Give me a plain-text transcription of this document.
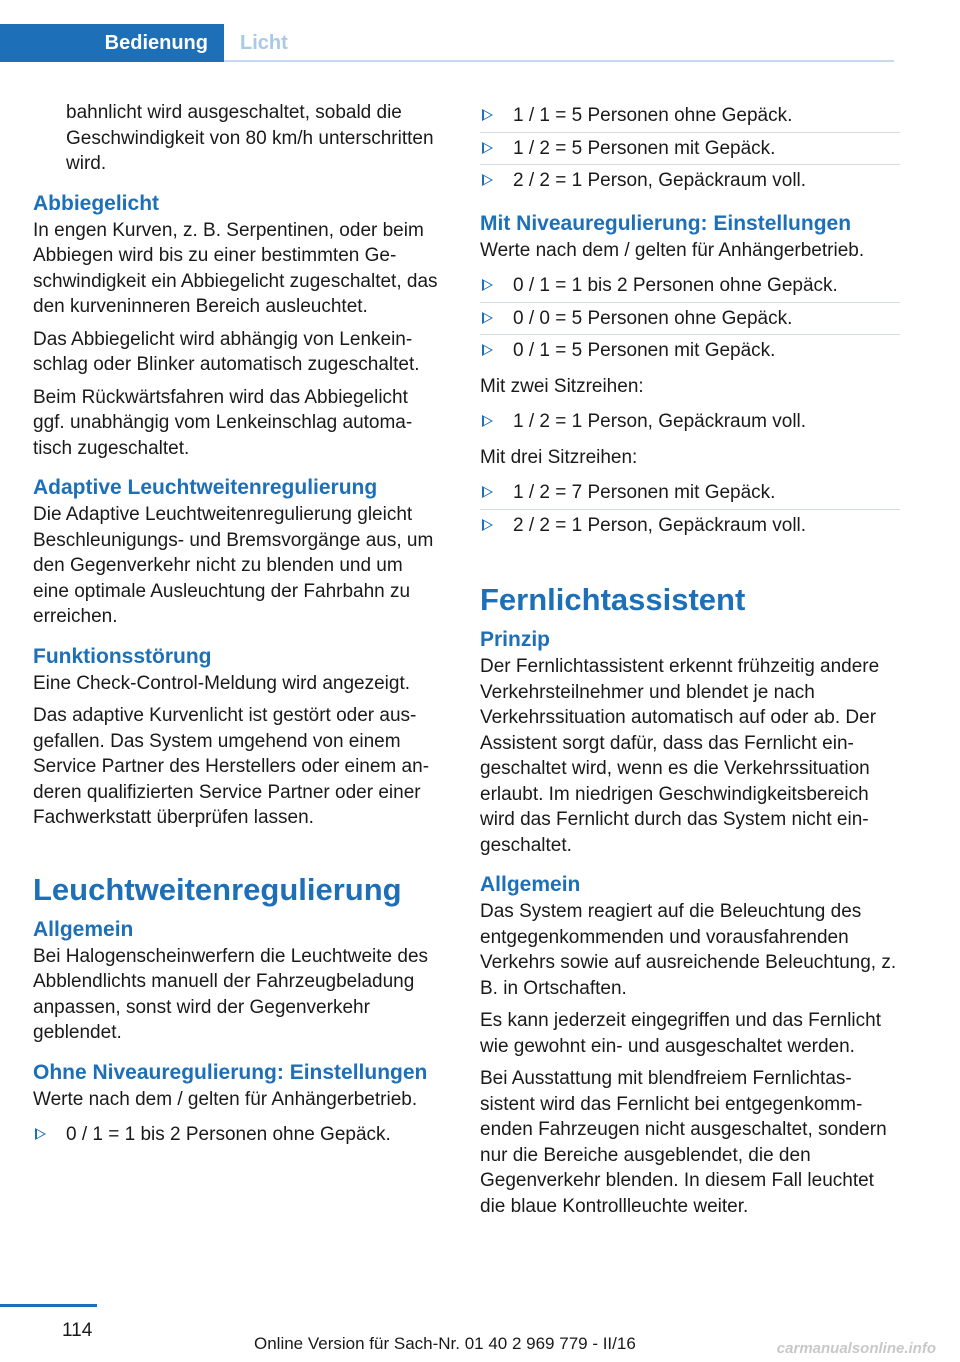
Bedienung	Licht

bahnlicht wird ausgeschaltet, sobald die Geschwindigkeit von 80 km/h unterschritten wird.

Abbiegelicht

In engen Kurven, z. B. Serpentinen, oder beim Abbiegen wird bis zu einer bestimmten Geschwindigkeit ein Abbiegelicht zugeschaltet, das den kurveninneren Bereich ausleuchtet.

Das Abbiegelicht wird abhängig von Lenkeinschlag oder Blinker automatisch zugeschaltet.

Beim Rückwärtsfahren wird das Abbiegelicht ggf. unabhängig vom Lenkeinschlag automatisch zugeschaltet.

Adaptive Leuchtweitenregulierung

Die Adaptive Leuchtweitenregulierung gleicht Beschleunigungs- und Bremsvorgänge aus, um den Gegenverkehr nicht zu blenden und um eine optimale Ausleuchtung der Fahrbahn zu erreichen.

Funktionsstörung

Eine Check-Control-Meldung wird angezeigt.

Das adaptive Kurvenlicht ist gestört oder ausgefallen. Das System umgehend von einem Service Partner des Herstellers oder einem anderen qualifizierten Service Partner oder einer Fachwerkstatt überprüfen lassen.

Leuchtweitenregulierung
Allgemein

Bei Halogenscheinwerfern die Leuchtweite des Abblendlichts manuell der Fahrzeugbeladung anpassen, sonst wird der Gegenverkehr geblendet.

Ohne Niveauregulierung: Einstellungen

Werte nach dem / gelten für Anhängerbetrieb.

0 / 1 = 1 bis 2 Personen ohne Gepäck.
1 / 1 = 5 Personen ohne Gepäck.
1 / 2 = 5 Personen mit Gepäck.
2 / 2 = 1 Person, Gepäckraum voll.
Mit Niveauregulierung: Einstellungen

Werte nach dem / gelten für Anhängerbetrieb.

0 / 1 = 1 bis 2 Personen ohne Gepäck.
0 / 0 = 5 Personen ohne Gepäck.
0 / 1 = 5 Personen mit Gepäck.

Mit zwei Sitzreihen:

1 / 2 = 1 Person, Gepäckraum voll.

Mit drei Sitzreihen:

1 / 2 = 7 Personen mit Gepäck.
2 / 2 = 1 Person, Gepäckraum voll.
Fernlichtassistent
Prinzip

Der Fernlichtassistent erkennt frühzeitig andere Verkehrsteilnehmer und blendet je nach Verkehrssituation automatisch auf oder ab. Der Assistent sorgt dafür, dass das Fernlicht eingeschaltet wird, wenn es die Verkehrssituation erlaubt. Im niedrigen Geschwindigkeitsbereich wird das Fernlicht durch das System nicht eingeschaltet.

Allgemein

Das System reagiert auf die Beleuchtung des entgegenkommenden und vorausfahrenden Verkehrs sowie auf ausreichende Beleuchtung, z. B. in Ortschaften.

Es kann jederzeit eingegriffen und das Fernlicht wie gewohnt ein- und ausgeschaltet werden.

Bei Ausstattung mit blendfreiem Fernlichtassistent wird das Fernlicht bei entgegenkommenden Fahrzeugen nicht ausgeschaltet, sondern nur die Bereiche ausgeblendet, die den Gegenverkehr blenden. In diesem Fall leuchtet die blaue Kontrollleuchte weiter.

114
Online Version für Sach-Nr. 01 40 2 969 779 - II/16	carmanualsonline.info
